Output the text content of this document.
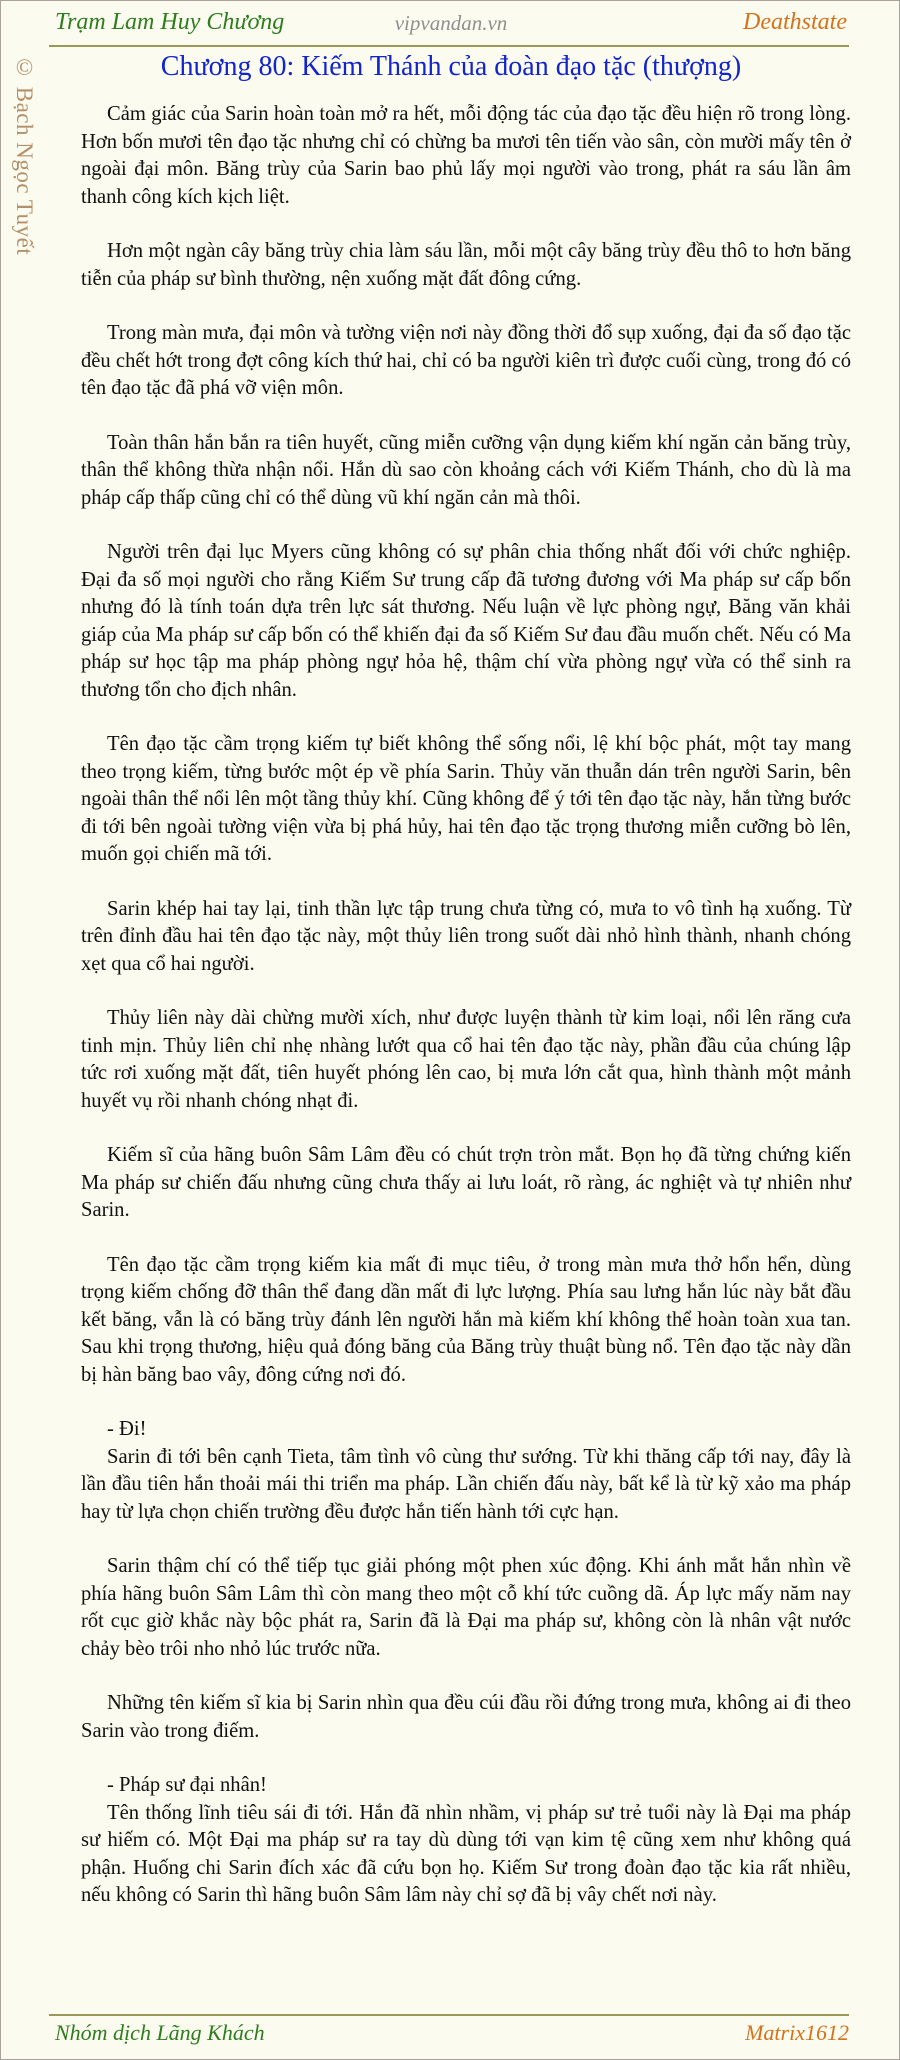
Trạm Lam Huy Chương	vipvandan.vn	Deathstate
© Bạch Ngọc Tuyết	Chương 80: Kiếm Thánh của đoàn đạo tặc (thượng)

Cảm giác của Sarin hoàn toàn mở ra hết, mỗi động tác của đạo tặc đều hiện rõ trong lòng. Hơn bốn mươi tên đạo tặc nhưng chỉ có chừng ba mươi tên tiến vào sân, còn mười mấy tên ở ngoài đại môn. Băng trùy của Sarin bao phủ lấy mọi người vào trong, phát ra sáu lần âm thanh công kích kịch liệt.

Hơn một ngàn cây băng trùy chia làm sáu lần, mỗi một cây băng trùy đều thô to hơn băng tiễn của pháp sư bình thường, nện xuống mặt đất đông cứng.

Trong màn mưa, đại môn và tường viện nơi này đồng thời đổ sụp xuống, đại đa số đạo tặc đều chết hớt trong đợt công kích thứ hai, chỉ có ba người kiên trì được cuối cùng, trong đó có tên đạo tặc đã phá vỡ viện môn.

Toàn thân hắn bắn ra tiên huyết, cũng miễn cưỡng vận dụng kiếm khí ngăn cản băng trùy, thân thể không thừa nhận nổi. Hắn dù sao còn khoảng cách với Kiếm Thánh, cho dù là ma pháp cấp thấp cũng chỉ có thể dùng vũ khí ngăn cản mà thôi.

Người trên đại lục Myers cũng không có sự phân chia thống nhất đối với chức nghiệp. Đại đa số mọi người cho rằng Kiếm Sư trung cấp đã tương đương với Ma pháp sư cấp bốn nhưng đó là tính toán dựa trên lực sát thương. Nếu luận về lực phòng ngự, Băng văn khải giáp của Ma pháp sư cấp bốn có thể khiến đại đa số Kiếm Sư đau đầu muốn chết. Nếu có Ma pháp sư học tập ma pháp phòng ngự hỏa hệ, thậm chí vừa phòng ngự vừa có thể sinh ra thương tổn cho địch nhân.

Tên đạo tặc cầm trọng kiếm tự biết không thể sống nổi, lệ khí bộc phát, một tay mang theo trọng kiếm, từng bước một ép về phía Sarin. Thủy văn thuẫn dán trên người Sarin, bên ngoài thân thể nổi lên một tầng thủy khí. Cũng không để ý tới tên đạo tặc này, hắn từng bước đi tới bên ngoài tường viện vừa bị phá hủy, hai tên đạo tặc trọng thương miễn cưỡng bò lên, muốn gọi chiến mã tới.

Sarin khép hai tay lại, tinh thần lực tập trung chưa từng có, mưa to vô tình hạ xuống. Từ trên đỉnh đầu hai tên đạo tặc này, một thủy liên trong suốt dài nhỏ hình thành, nhanh chóng xẹt qua cổ hai người.

Thủy liên này dài chừng mười xích, như được luyện thành từ kim loại, nổi lên răng cưa tinh mịn. Thủy liên chỉ nhẹ nhàng lướt qua cổ hai tên đạo tặc này, phần đầu của chúng lập tức rơi xuống mặt đất, tiên huyết phóng lên cao, bị mưa lớn cắt qua, hình thành một mảnh huyết vụ rồi nhanh chóng nhạt đi.

Kiếm sĩ của hãng buôn Sâm Lâm đều có chút trợn tròn mắt. Bọn họ đã từng chứng kiến Ma pháp sư chiến đấu nhưng cũng chưa thấy ai lưu loát, rõ ràng, ác nghiệt và tự nhiên như Sarin.

Tên đạo tặc cầm trọng kiếm kia mất đi mục tiêu, ở trong màn mưa thở hổn hển, dùng trọng kiếm chống đỡ thân thể đang dần mất đi lực lượng. Phía sau lưng hắn lúc này bắt đầu kết băng, vẫn là có băng trùy đánh lên người hắn mà kiếm khí không thể hoàn toàn xua tan. Sau khi trọng thương, hiệu quả đóng băng của Băng trùy thuật bùng nổ. Tên đạo tặc này dần bị hàn băng bao vây, đông cứng nơi đó.

- Đi!

Sarin đi tới bên cạnh Tieta, tâm tình vô cùng thư sướng. Từ khi thăng cấp tới nay, đây là lần đầu tiên hắn thoải mái thi triển ma pháp. Lần chiến đấu này, bất kể là từ kỹ xảo ma pháp hay từ lựa chọn chiến trường đều được hắn tiến hành tới cực hạn.

Sarin thậm chí có thể tiếp tục giải phóng một phen xúc động. Khi ánh mắt hắn nhìn về phía hãng buôn Sâm Lâm thì còn mang theo một cỗ khí tức cuồng dã. Áp lực mấy năm nay rốt cục giờ khắc này bộc phát ra, Sarin đã là Đại ma pháp sư, không còn là nhân vật nước chảy bèo trôi nho nhỏ lúc trước nữa.

Những tên kiếm sĩ kia bị Sarin nhìn qua đều cúi đầu rồi đứng trong mưa, không ai đi theo Sarin vào trong điếm.

- Pháp sư đại nhân!

Tên thống lĩnh tiêu sái đi tới. Hắn đã nhìn nhầm, vị pháp sư trẻ tuổi này là Đại ma pháp sư hiếm có. Một Đại ma pháp sư ra tay dù dùng tới vạn kim tệ cũng xem như không quá phận. Huống chi Sarin đích xác đã cứu bọn họ. Kiếm Sư trong đoàn đạo tặc kia rất nhiều, nếu không có Sarin thì hãng buôn Sâm lâm này chỉ sợ đã bị vây chết nơi này.

Nhóm dịch Lãng Khách	Matrix1612
